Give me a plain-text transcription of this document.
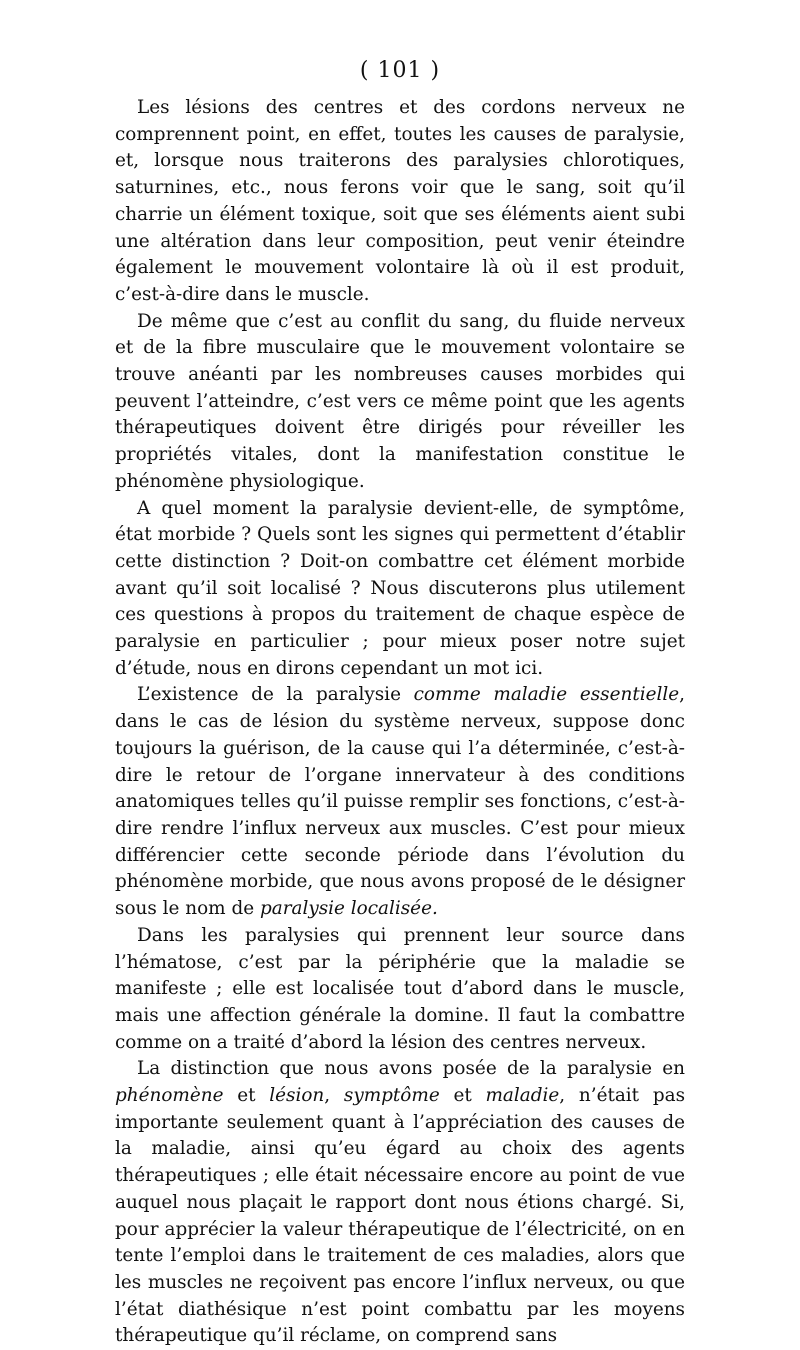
( 101 )

Les lésions des centres et des cordons nerveux ne comprennent point, en effet, toutes les causes de paralysie, et, lorsque nous traiterons des paralysies chlorotiques, saturnines, etc., nous ferons voir que le sang, soit qu’il charrie un élément toxique, soit que ses éléments aient subi une altération dans leur composition, peut venir éteindre également le mouvement volontaire là où il est produit, c’est-à-dire dans le muscle.

De même que c’est au conflit du sang, du fluide nerveux et de la fibre musculaire que le mouvement volontaire se trouve anéanti par les nombreuses causes morbides qui peuvent l’atteindre, c’est vers ce même point que les agents thérapeutiques doivent être dirigés pour réveiller les propriétés vitales, dont la manifestation constitue le phénomène physiologique.

A quel moment la paralysie devient-elle, de symptôme, état morbide ? Quels sont les signes qui permettent d’établir cette distinction ? Doit-on combattre cet élément morbide avant qu’il soit localisé ? Nous discuterons plus utilement ces questions à propos du traitement de chaque espèce de paralysie en particulier ; pour mieux poser notre sujet d’étude, nous en dirons cependant un mot ici.

L’existence de la paralysie comme maladie essentielle, dans le cas de lésion du système nerveux, suppose donc toujours la guérison, de la cause qui l’a déterminée, c’est-à-dire le retour de l’organe innervateur à des conditions anatomiques telles qu’il puisse remplir ses fonctions, c’est-à-dire rendre l’influx nerveux aux muscles. C’est pour mieux différencier cette seconde période dans l’évolution du phénomène morbide, que nous avons proposé de le désigner sous le nom de paralysie localisée.

Dans les paralysies qui prennent leur source dans l’hématose, c’est par la périphérie que la maladie se manifeste ; elle est localisée tout d’abord dans le muscle, mais une affection générale la domine. Il faut la combattre comme on a traité d’abord la lésion des centres nerveux.

La distinction que nous avons posée de la paralysie en phénomène et lésion, symptôme et maladie, n’était pas importante seulement quant à l’appréciation des causes de la maladie, ainsi qu’eu égard au choix des agents thérapeutiques ; elle était nécessaire encore au point de vue auquel nous plaçait le rapport dont nous étions chargé. Si, pour apprécier la valeur thérapeutique de l’électricité, on en tente l’emploi dans le traitement de ces maladies, alors que les muscles ne reçoivent pas encore l’influx nerveux, ou que l’état diathésique n’est point combattu par les moyens thérapeutique qu’il réclame, on comprend sans
